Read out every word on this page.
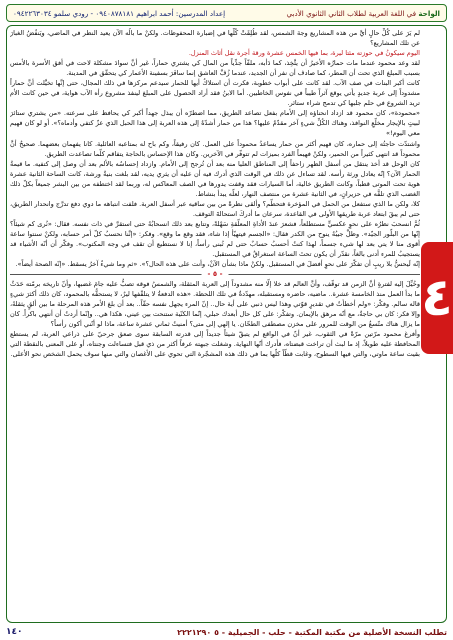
الواحة في اللغة العربية لطلاب الثاني الثانوي الأدبي
إعداد المدرسين: أحمد ابراهيم ٠٩٤٠٨٧٨١٨١ - رودي سلمو ٠٩٤٢٢٦٣٠٣٤

لم يَرَ على كُلِّ حالٍ أيَّ من هذه المشاريع وجهَ الشمس، لقد طُلِقَتْ كُلُّها في إضبارة المحفوظات. ولكنْ ما بالُه الآن يعيد النظر في الماضي، ويَنفُضُ الغبارَ عن تلك المشاريع؟

اليوم سيكونُ في حوزته مئتا ليرة، بما فيها الخمس عشرة ورقة أجرة نقل أثاث المنزل.

لقد وعد محمود عندما مات حمارُه الأخيرُ أن يتَّخِذ، كما دَأبه، ملفّاً جدِّياً من المال كي يشتري حماراً، غير أنَّ سوادَ مشكلة لاحت في أفق الأسرة بالأمس بسبب المبلغ الذي تحت أن المطر، كما صادف أن نفر أن الجديد، عندما زُفَّ العاشق إنما سافَرَ بسفينة الأعمار كي يتحقّق في المدينة.

كانت أكبر البنات في صف الآب. لقد كانت على أبواب خطوبة، فكرت أن استلاكُ أيها للحمار سيدعم مركزها في ذلك المجال، حتى إنَّها تخيَّلت أنَّ حماراً مشدوداً إلى عربة جديدٍ يأتي يوقع آثراً طيباً في نفوس الخاطبين. أما الابنُ فقد أراد الحصول على المبلغ لينفذ مشروع رأه الآب هواية، في حين كانت الأم تريد الشروع في حلم جلبها كي تدمج شراء ستائر.

«محمودة»، كان محمود قد ازداد انحناؤه إلى الأمام بفعل تصاعد الطريق، مما اضطرّه أن يبذل جهداً أكبر كي يحافظ على سرعته. «من يشتري ستائرَ لبيتٍ بالإيجار مخلّعِ النوافذ، وهناك الكُلِّ شيءٍ آخر مقدّمٌ عليها؟ هذا من حمار أشدّهُ إلى هذه العربة إلى هذا الحبل الذي عزّ كتفي وأدماه؟». أو لو كان فهيم معي اليوم!»

واشتدّت حاجتُه إلى حماره، كان فهيم أكثر من حمار يساعدُ محموداً على العمل. كان رفيقاً، وكم باح له بمتاعبه العائلية. كانا يفهمان بعضهما. صحيحٌ أنَّ محموداً قد انتهى كثيراً من الحمير، ولكنْ فهيماً الفرد بميزات لم تتوفّر في الآخرين. وكان هذا الإحساس بالحاجة يتفاقم كلّما تصاعدت الطريق.

كان الوحل قد أخذ ينتقل من أسفل الظهر زاحفاً إلى المناطق العليا منه بعد أن تُرجح إلى الأمام. وازداد إحساسُه بالألم بعد أن وصل إلى كتفيه. ما قيمةُ الحمار الآن؟ إنّه يعادل ورثة رأسه. لقد تساءل عن ذلك في الوقت الذي أدرك فيه أن عليه أن يثري يديه، لقد بلغت بنيةٌ ورشة، كانت الساحة الثانية عشرة هوية تحت الموتى قطباً، وكانت الطريق خالية، أما السيارات فقد وقفت يدورها في الصف المعاكس له، وربما لقد اختطفه من بين البشر جميعاً بكلّ ذلك الغضب الذي تلقَّه في حزيرانٍ، في الثانية عشرة من منتصف النهار، لعلّه يبدأ بنشاط.

كلا، ولكن ما الذي ستفعل من الحمل في المؤخرة فتحطّم؟ وألقى نظرةً من بين ساقيه عبر أسفل العربة. فلفت انتباهه ما دوي دفع تدرَّج وانحدار الطريق، حتى لم يبقَ ابتعاد عربة طريقها الأولى في القاعدة، سرعان ما أدركَ استحالةَ التوقف.

ثُمَّ انسحبَ نظرُه على نحوٍ عكسيٍّ مستطلعاً، فشعرَ عندَ الأداةِ المعلّقةِ سَهْلةً، وتتابع بعد ذلك انسحابُهُ حتى استقرَّ في ذات نفسه. فقال: «نُرى كم شيئاً؟ إنّها من البلّور الجيّد». وظلَّ جيبُهُ ينوح من الكدر فقال: «الجسم فيتهيّأ إذا شاء، فقد وقع ما وقع». وفكر: «إنَّنا نحسبُ كلّ أمر حسابه، ولكنْ سنتوا ساعة أقوى منا لا يتي بعد لها شيء جسماً، لهذا كنتُ أحسبُ حسابٌ حتى لم تُبنى رأساً، إنا لا نستطيع أن تقف في وجه المكتوب». وفكّر أن أنّه الأشياء قد يستجيبُ للمرء أدنى بالغاً، نقدّر أن يكون تحتَ الساعة استغراقٌ في المستقبل.

إنّه لَيحسُّ بلا ريبٍ أن تفكّرَ على نحوٍ أفضلَ في المستقبل. ولكنْ ماذا بشأن الآنْ، وأنت على هذه الحال؟». «ثم وما شيءٌ آخرُ يسقط. «إنّه الصحة أيضاً».

- ٥ -

وحُيِّلَ إليه لفترةٍ أنَّ الزمن قد توقّف، وأنَّ العالم قد خلا إلّا منه مشدوداً إلى العربة المثقلة، والشمسُ فوقه تصبُّ عليه جامَ غضبها، وأنّ تاريخه برمّته حَدَثٌ ما بدأ العمل منذ الخامسة عشرة.. ماضيه، حاضره ومستقبله، مهدّدةٌ في تلك اللحظة. «هذه الدفعةُ لا يتلقّفها ليرٌ، لا يستحقُّه بالمحمود، كان ذلك أكثرَ شيءٍ قاله سالم. وفكّر: «ولم أخطأتُ في تقديرٍ قوّتي وهذا ليس ذنبي على أية حال.. إنّ المرء يجهل نفسه حقّاً.. بعد أن بلغ الأمر هذه المرحلة ما بين ألقٍ يثقلهُ، وإلا فكر: كان بي حاجةٌ، مع أنّه مرهق بالإيمان. وتفكّر: على كل حال أبعدك حبلي، إنّما الكنّية ستنحت بين عيني، هكذا هي.. وإنّما أردتُ أن أنتهي باكراً. كان ما يزال هناك متّسعٌ من الوقت للمرور على مخزن مصطفى الطحّان. يا إلهي إلى متى؟ أمنيتُ ثماني عشرة ساعة، ماذا لو أنّني أكون رأساً؟

وأفرغ محمود مرّتين مرّةً في الثقوب، غير أنّ في الواقع لم يتبقّ شيئاً جديداً إلى قدرته السابقة سوى صعق جرحيّ على ذراعي العربة، لم يستطع المحافظة عليه طويلاً، إذ ما لبث أن تراخت قبضتاه، فأدرك أنّها النهاية. وشغلت جبهته عرفاً أكثر من ذي قبل فتساءلت وجنتاه، أو على المعنى بالنقطة التي بقيت ساعة ماوتي، والتي فيها السطوح، وغابت قطّاً كلّها بما في ذلك هذه المشجّرة التي تحوي على الأغصان والتي منها سوف يحمل الشخص نحو الأعلى.

٤
تطلب النسخة الأصلية من مكتبة المكتبة - حلب - الجميلية - ٥ ٢٢٢١٢٩٠
١٤٠
